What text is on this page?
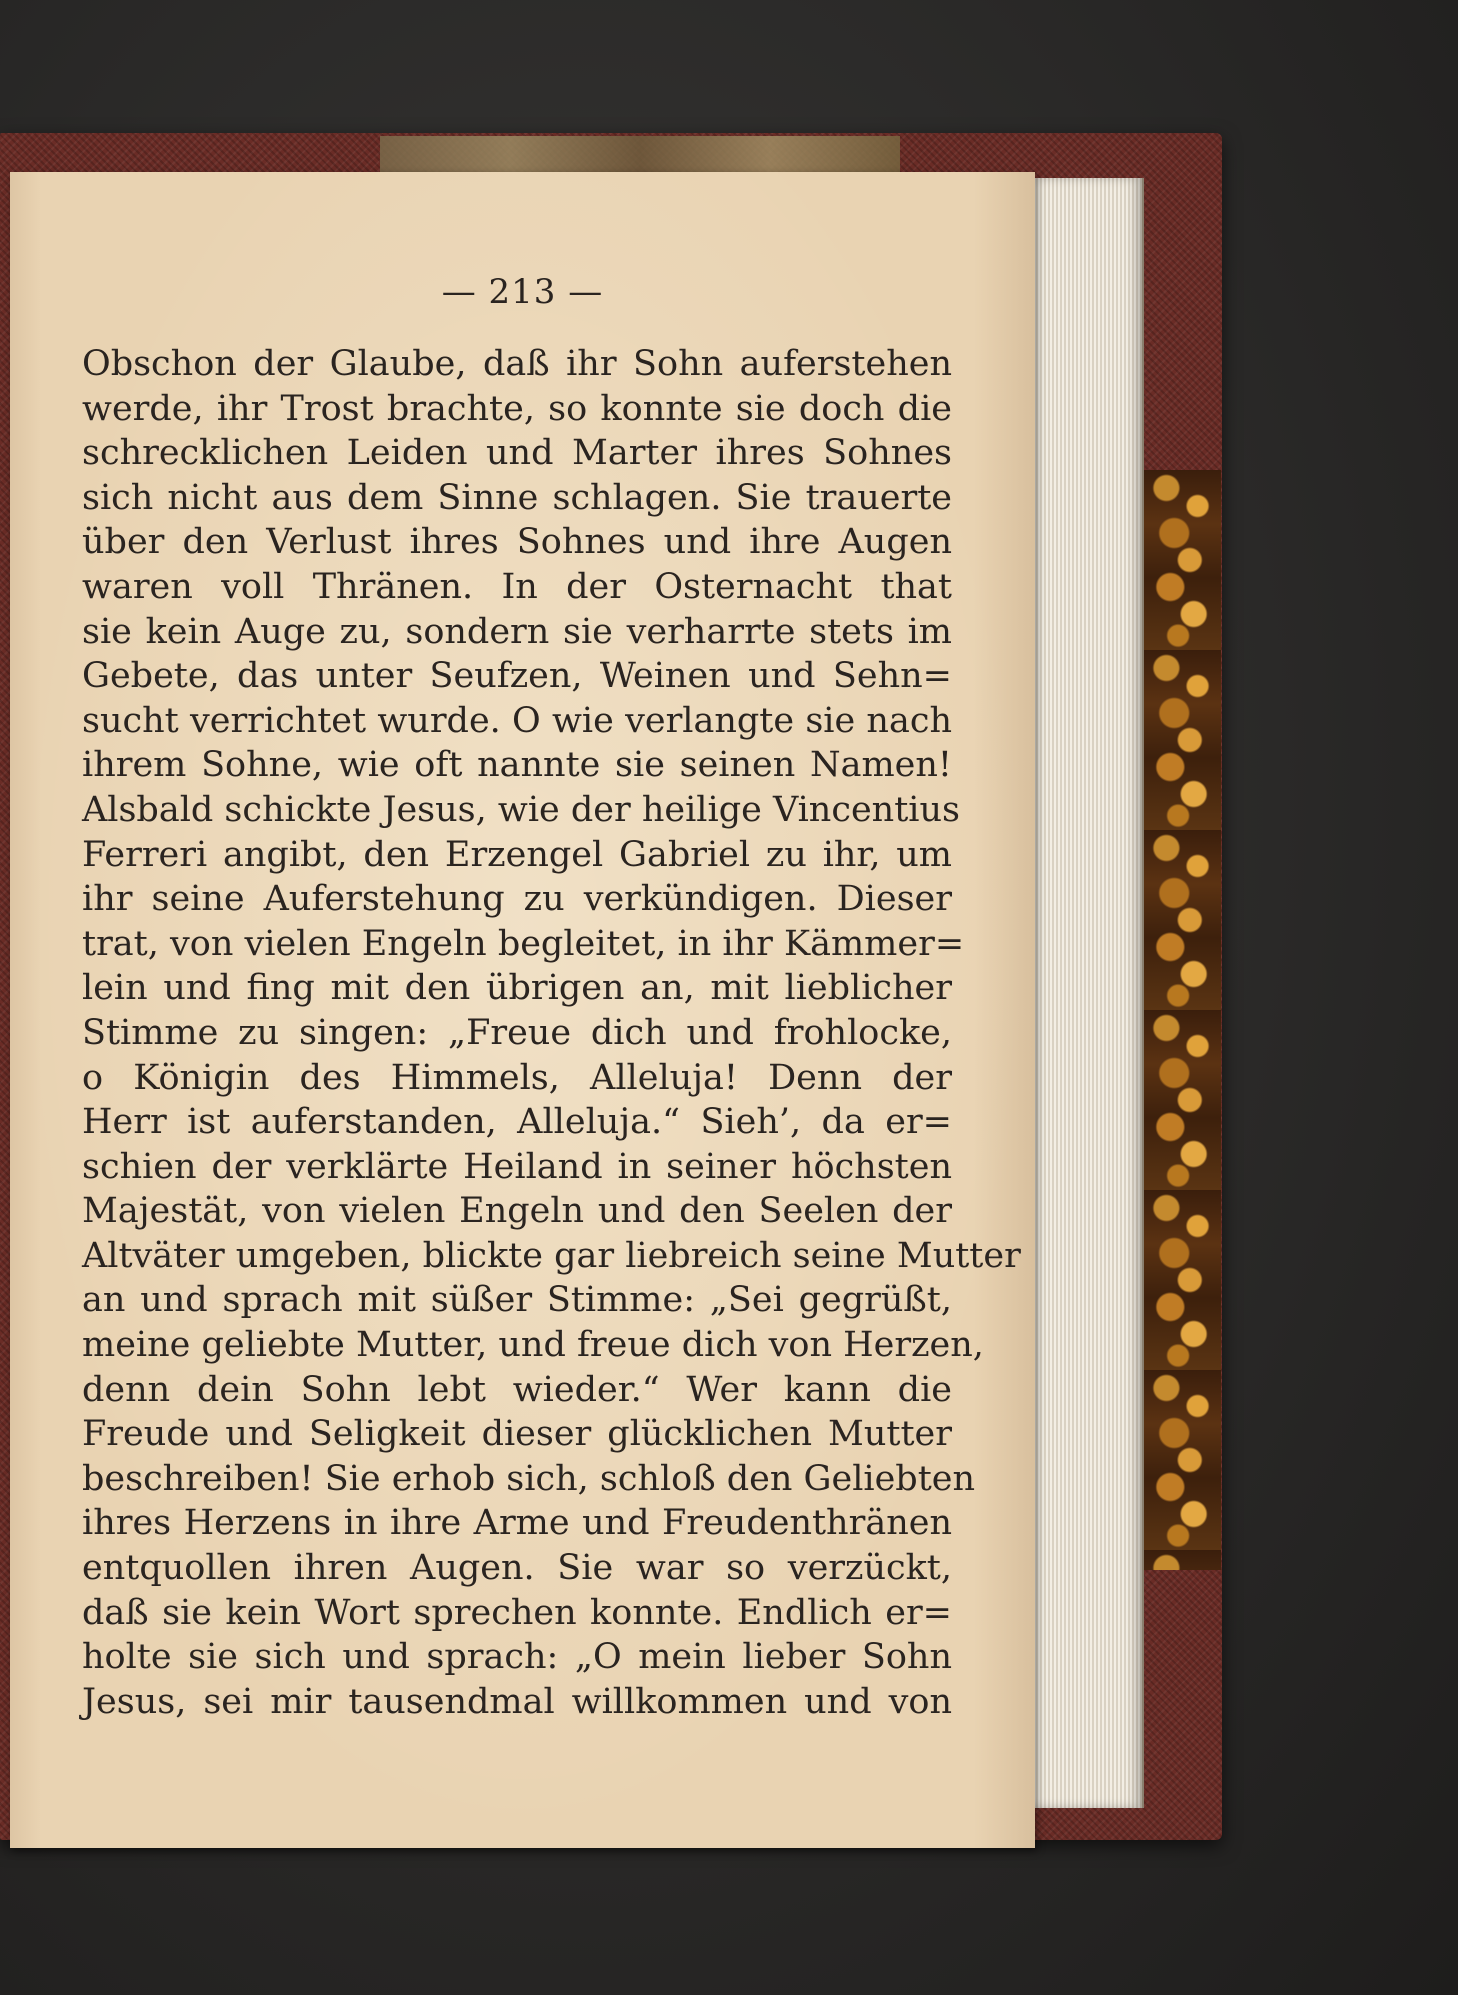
— 213 —
Obschon der Glaube, daß ihr Sohn auferstehen
werde, ihr Trost brachte, so konnte sie doch die
schrecklichen Leiden und Marter ihres Sohnes
sich nicht aus dem Sinne schlagen. Sie trauerte
über den Verlust ihres Sohnes und ihre Augen
waren voll Thränen. In der Osternacht that
sie kein Auge zu, sondern sie verharrte stets im
Gebete, das unter Seufzen, Weinen und Sehn=
sucht verrichtet wurde. O wie verlangte sie nach
ihrem Sohne, wie oft nannte sie seinen Namen!
Alsbald schickte Jesus, wie der heilige Vincentius
Ferreri angibt, den Erzengel Gabriel zu ihr, um
ihr seine Auferstehung zu verkündigen. Dieser
trat, von vielen Engeln begleitet, in ihr Kämmer=
lein und fing mit den übrigen an, mit lieblicher
Stimme zu singen: „Freue dich und frohlocke,
o Königin des Himmels, Alleluja! Denn der
Herr ist auferstanden, Alleluja.“ Sieh’, da er=
schien der verklärte Heiland in seiner höchsten
Majestät, von vielen Engeln und den Seelen der
Altväter umgeben, blickte gar liebreich seine Mutter
an und sprach mit süßer Stimme: „Sei gegrüßt,
meine geliebte Mutter, und freue dich von Herzen,
denn dein Sohn lebt wieder.“ Wer kann die
Freude und Seligkeit dieser glücklichen Mutter
beschreiben! Sie erhob sich, schloß den Geliebten
ihres Herzens in ihre Arme und Freudenthränen
entquollen ihren Augen. Sie war so verzückt,
daß sie kein Wort sprechen konnte. Endlich er=
holte sie sich und sprach: „O mein lieber Sohn
Jesus, sei mir tausendmal willkommen und von
